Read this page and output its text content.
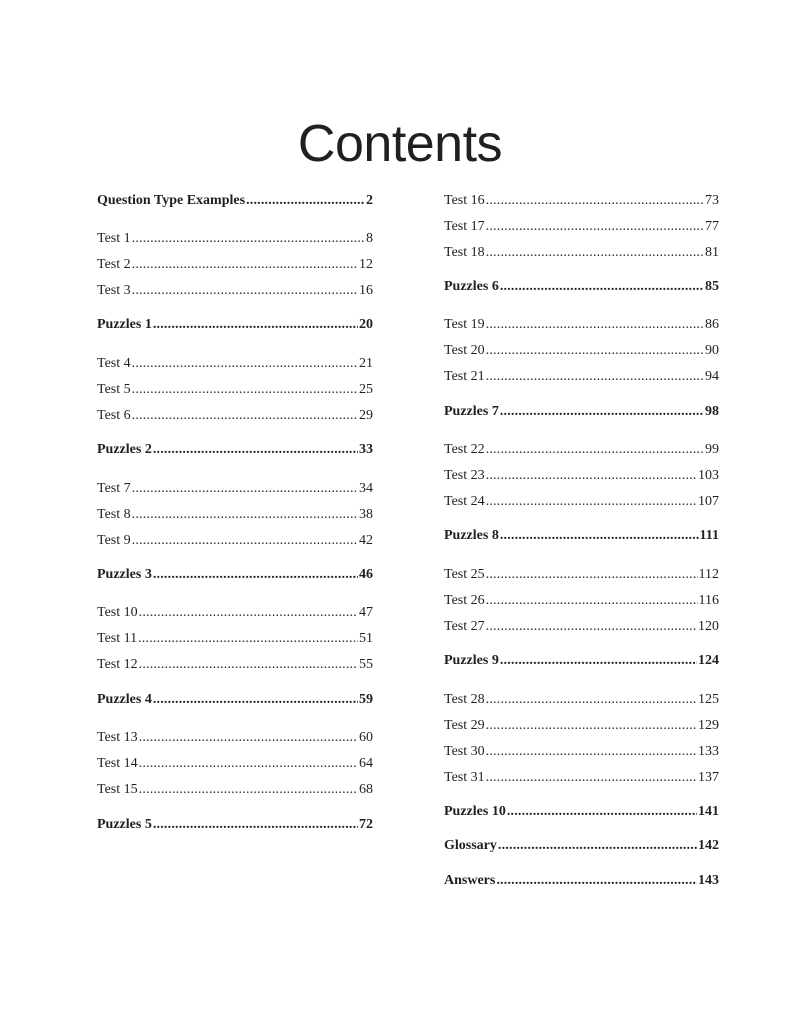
Contents
Question Type Examples .....	2
Test 1 .....	8
Test 2 .....	12
Test 3 .....	16
Puzzles 1 .....	20
Test 4 .....	21
Test 5 .....	25
Test 6 .....	29
Puzzles 2 .....	33
Test 7 .....	34
Test 8 .....	38
Test 9 .....	42
Puzzles 3 .....	46
Test 10 .....	47
Test 11 .....	51
Test 12 .....	55
Puzzles 4 .....	59
Test 13 .....	60
Test 14 .....	64
Test 15 .....	68
Puzzles 5 .....	72
Test 16 .....	73
Test 17 .....	77
Test 18 .....	81
Puzzles 6 .....	85
Test 19 .....	86
Test 20 .....	90
Test 21 .....	94
Puzzles 7 .....	98
Test 22 .....	99
Test 23 .....	103
Test 24 .....	107
Puzzles 8 .....	111
Test 25 .....	112
Test 26 .....	116
Test 27 .....	120
Puzzles 9 .....	124
Test 28 .....	125
Test 29 .....	129
Test 30 .....	133
Test 31 .....	137
Puzzles 10 .....	141
Glossary .....	142
Answers .....	143
